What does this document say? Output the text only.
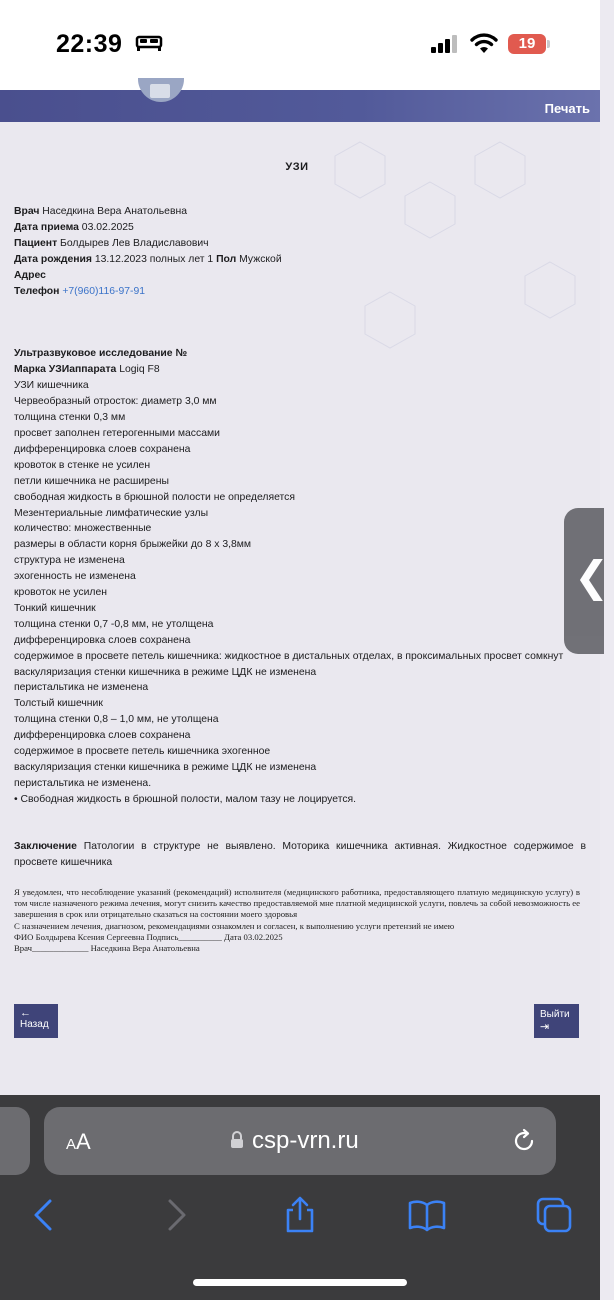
22:39	19
Печать
УЗИ
Врач Наседкина Вера Анатольевна
Дата приема 03.02.2025
Пациент Болдырев Лев Владиславович
Дата рождения 13.12.2023 полных лет 1 Пол Мужской
Адрес
Телефон +7(960)116-97-91
Ультразвуковое исследование №
Марка УЗИаппарата Logiq F8
УЗИ кишечника
Червеобразный отросток: диаметр 3,0 мм
толщина стенки 0,3 мм
просвет заполнен гетерогенными массами
дифференцировка слоев сохранена
кровоток в стенке не усилен
петли кишечника не расширены
свободная жидкость в брюшной полости не определяется
Мезентериальные лимфатические узлы
количество: множественные
размеры в области корня брыжейки до 8 х 3,8мм
структура не изменена
эхогенность не изменена
кровоток не усилен
Тонкий кишечник
толщина стенки 0,7 -0,8 мм, не утолщена
дифференцировка слоев сохранена
содержимое в просвете петель кишечника: жидкостное в дистальных отделах, в проксимальных просвет сомкнут
васкуляризация стенки кишечника в режиме ЦДК не изменена
перистальтика не изменена
Толстый кишечник
толщина стенки 0,8 – 1,0 мм, не утолщена
дифференцировка слоев сохранена
содержимое в просвете петель кишечника эхогенное
васкуляризация стенки кишечника в режиме ЦДК не изменена
перистальтика не изменена.
• Свободная жидкость в брюшной полости, малом тазу не лоцируется.
Заключение Патологии в структуре не выявлено. Моторика кишечника активная. Жидкостное содержимое в просвете кишечника
Я уведомлен, что несоблюдение указаний (рекомендаций) исполнителя (медицинского работника, предоставляющего платную медицинскую услугу) в том числе назначеного режима лечения, могут снизить качество предоставляемой мне платной медицинской услуги, повлечь за собой невозможность ее завершения в срок или отрицательно сказаться на состоянии моего здоровья
С назначением лечения, диагнозом, рекомендациями ознакомлен и согласен, к выполнению услуги претензий не имею
ФИО Болдырева Ксения Сергеевна Подпись__________ Дата 03.02.2025
Врач_____________ Наседкина Вера Анатольевна
←
Назад
Выйти
⇥
❮
AA	csp-vrn.ru
